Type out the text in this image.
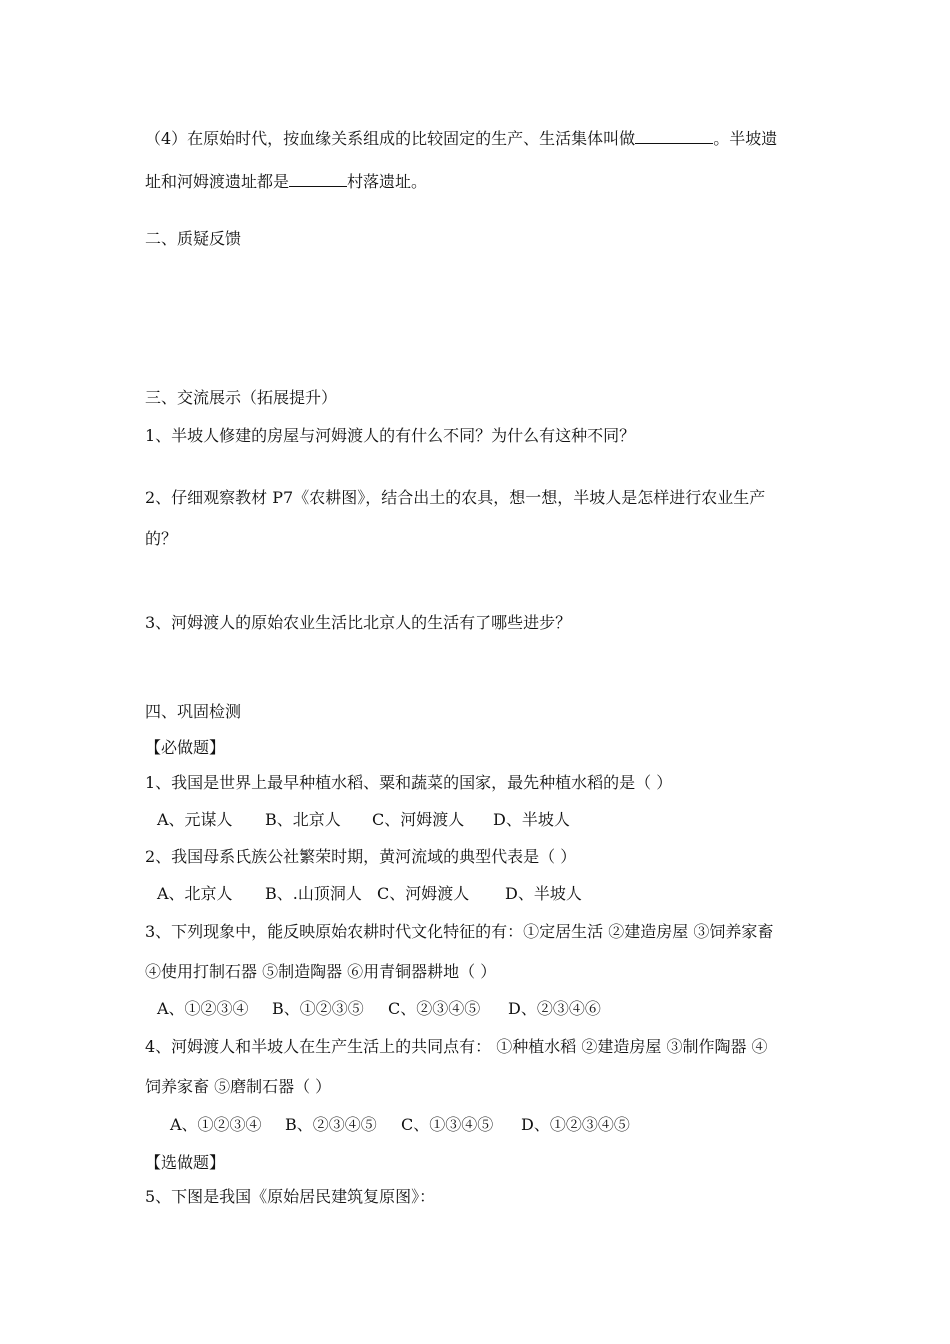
（4）在原始时代，按血缘关系组成的比较固定的生产、生活集体叫做	。半坡遗
址和河姆渡遗址都是	村落遗址。
二、质疑反馈
三、交流展示（拓展提升）
1、半坡人修建的房屋与河姆渡人的有什么不同？为什么有这种不同？
2、仔细观察教材 P7《农耕图》，结合出土的农具，想一想，半坡人是怎样进行农业生产
的？
3、河姆渡人的原始农业生活比北京人的生活有了哪些进步？
四、巩固检测
【必做题】
1、我国是世界上最早种植水稻、粟和蔬菜的国家，最先种植水稻的是（ ）
A、元谋人 B、北京人 C、河姆渡人 D、半坡人
2、我国母系氏族公社繁荣时期，黄河流域的典型代表是（ ）
A、北京人 B、.山顶洞人 C、河姆渡人 D、半坡人
3、下列现象中，能反映原始农耕时代文化特征的有：①定居生活 ②建造房屋 ③饲养家畜
④使用打制石器 ⑤制造陶器 ⑥用青铜器耕地（ ）
A、①②③④ B、①②③⑤ C、②③④⑤ D、②③④⑥
4、河姆渡人和半坡人在生产生活上的共同点有： ①种植水稻 ②建造房屋 ③制作陶器 ④
饲养家畜 ⑤磨制石器（ ）
A、①②③④ B、②③④⑤ C、①③④⑤ D、①②③④⑤
【选做题】
5、下图是我国《原始居民建筑复原图》：
